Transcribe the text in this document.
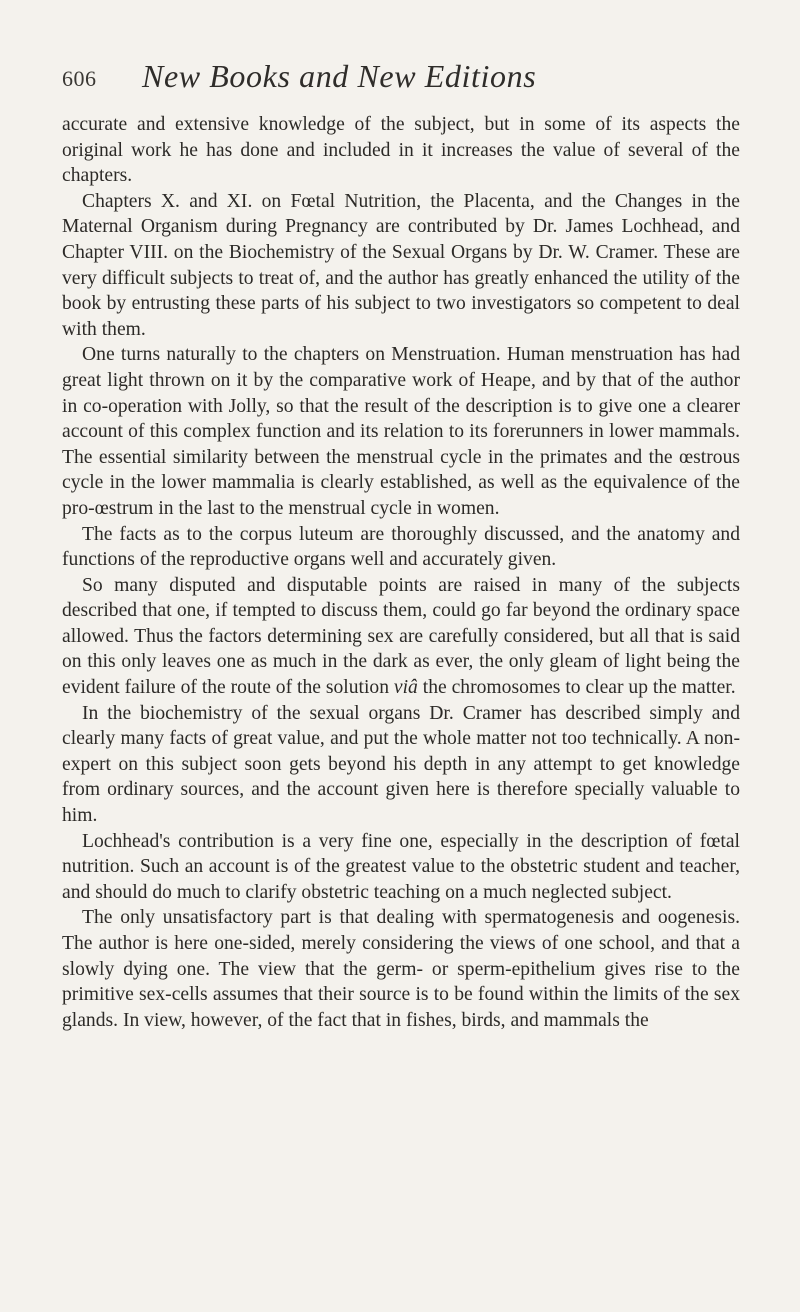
606 New Books and New Editions

accurate and extensive knowledge of the subject, but in some of its aspects the original work he has done and included in it increases the value of several of the chapters.

Chapters X. and XI. on Fœtal Nutrition, the Placenta, and the Changes in the Maternal Organism during Pregnancy are contributed by Dr. James Lochhead, and Chapter VIII. on the Biochemistry of the Sexual Organs by Dr. W. Cramer. These are very difficult subjects to treat of, and the author has greatly enhanced the utility of the book by entrusting these parts of his subject to two investigators so competent to deal with them.

One turns naturally to the chapters on Menstruation. Human menstruation has had great light thrown on it by the comparative work of Heape, and by that of the author in co-operation with Jolly, so that the result of the description is to give one a clearer account of this complex function and its relation to its forerunners in lower mammals. The essential similarity between the menstrual cycle in the primates and the œstrous cycle in the lower mammalia is clearly established, as well as the equivalence of the pro-œstrum in the last to the menstrual cycle in women.

The facts as to the corpus luteum are thoroughly discussed, and the anatomy and functions of the reproductive organs well and accurately given.

So many disputed and disputable points are raised in many of the subjects described that one, if tempted to discuss them, could go far beyond the ordinary space allowed. Thus the factors determining sex are carefully considered, but all that is said on this only leaves one as much in the dark as ever, the only gleam of light being the evident failure of the route of the solution viâ the chromosomes to clear up the matter.

In the biochemistry of the sexual organs Dr. Cramer has described simply and clearly many facts of great value, and put the whole matter not too technically. A non-expert on this subject soon gets beyond his depth in any attempt to get knowledge from ordinary sources, and the account given here is therefore specially valuable to him.

Lochhead's contribution is a very fine one, especially in the description of fœtal nutrition. Such an account is of the greatest value to the obstetric student and teacher, and should do much to clarify obstetric teaching on a much neglected subject.

The only unsatisfactory part is that dealing with spermatogenesis and oogenesis. The author is here one-sided, merely considering the views of one school, and that a slowly dying one. The view that the germ- or sperm-epithelium gives rise to the primitive sex-cells assumes that their source is to be found within the limits of the sex glands. In view, however, of the fact that in fishes, birds, and mammals the
